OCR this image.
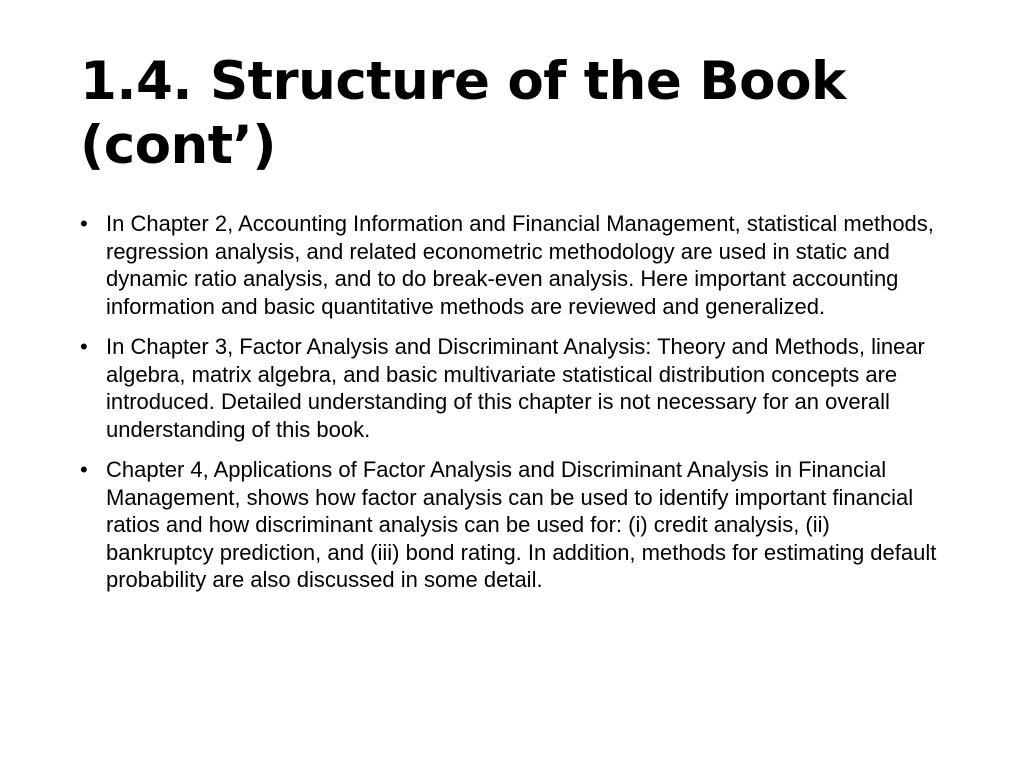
1.4. Structure of the Book (cont’)
• In Chapter 2, Accounting Information and Financial Management, statistical methods, regression analysis, and related econometric methodology are used in static and dynamic ratio analysis, and to do break-even analysis. Here important accounting information and basic quantitative methods are reviewed and generalized.
• In Chapter 3, Factor Analysis and Discriminant Analysis: Theory and Methods, linear algebra, matrix algebra, and basic multivariate statistical distribution concepts are introduced. Detailed understanding of this chapter is not necessary for an overall understanding of this book.
• Chapter 4, Applications of Factor Analysis and Discriminant Analysis in Financial Management, shows how factor analysis can be used to identify important financial ratios and how discriminant analysis can be used for: (i) credit analysis, (ii) bankruptcy prediction, and (iii) bond rating. In addition, methods for estimating default probability are also discussed in some detail.
